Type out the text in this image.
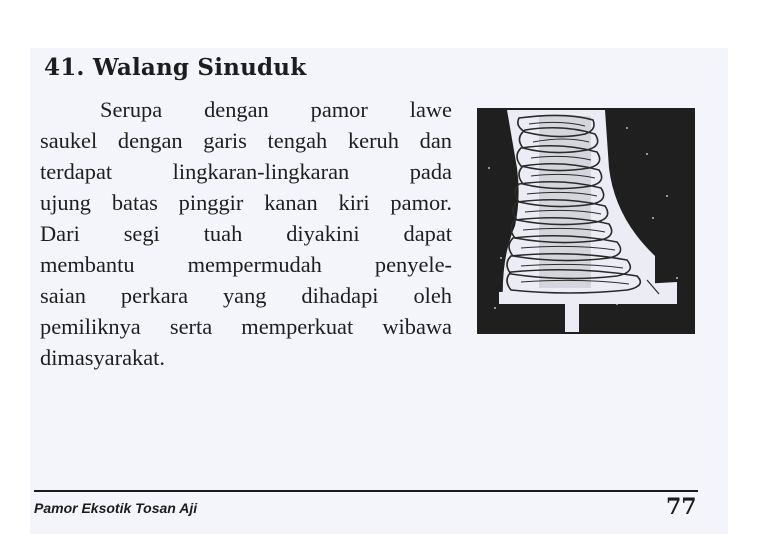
41. Walang Sinuduk
Serupa dengan pamor lawe
saukel dengan garis tengah keruh dan
terdapat lingkaran-lingkaran pada
ujung batas pinggir kanan kiri pamor.
Dari segi tuah diyakini dapat
membantu mempermudah penyele-
saian perkara yang dihadapi oleh
pemiliknya serta memperkuat wibawa
dimasyarakat.
Pamor Eksotik Tosan Aji	77
